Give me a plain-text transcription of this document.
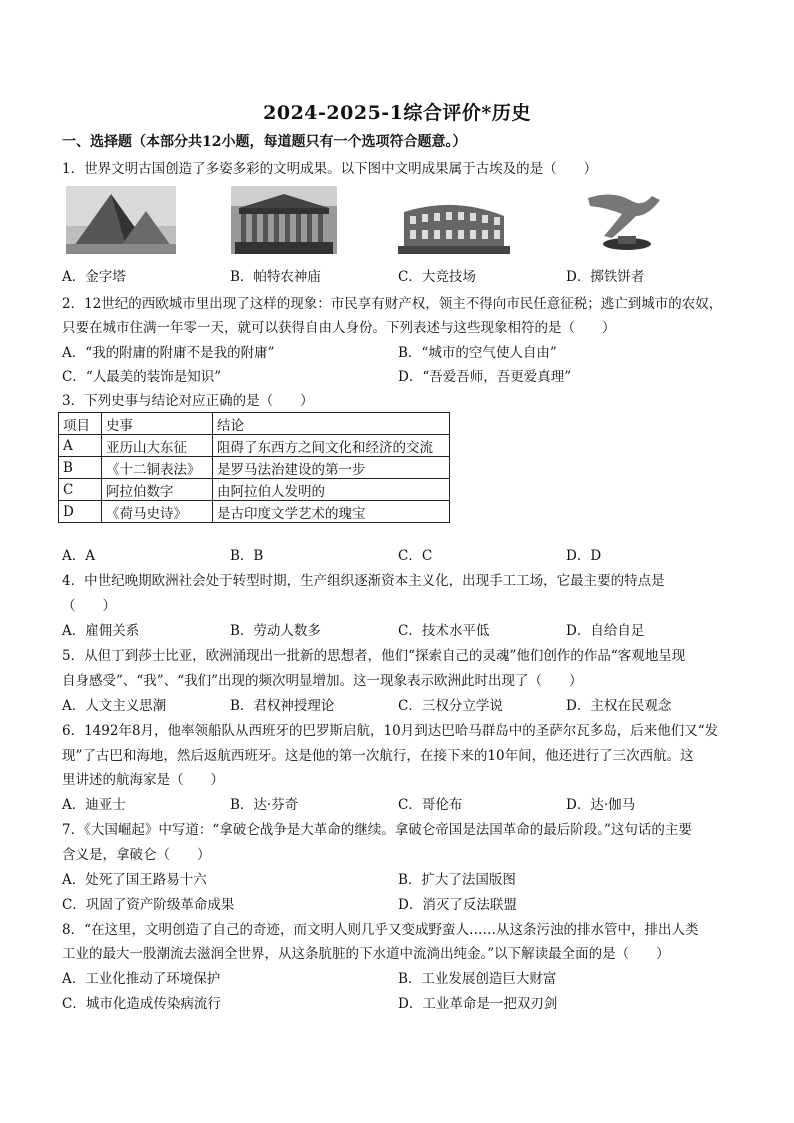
2024-2025-1综合评价*历史
一、选择题（本部分共12小题，每道题只有一个选项符合题意。）
1．世界文明古国创造了多姿多彩的文明成果。以下图中文明成果属于古埃及的是（　　）
A．金字塔	B．帕特农神庙	C．大竞技场	D．掷铁饼者
2．12世纪的西欧城市里出现了这样的现象：市民享有财产权，领主不得向市民任意征税；逃亡到城市的农奴，
只要在城市住满一年零一天，就可以获得自由人身份。下列表述与这些现象相符的是（　　）
A．“我的附庸的附庸不是我的附庸”	B．“城市的空气使人自由”
C．“人最美的装饰是知识”	D．“吾爱吾师，吾更爱真理”
3．下列史事与结论对应正确的是（　　）
项目	史事	结论
A	亚历山大东征	阻碍了东西方之间文化和经济的交流
B	《十二铜表法》	是罗马法治建设的第一步
C	阿拉伯数字	由阿拉伯人发明的
D	《荷马史诗》	是古印度文学艺术的瑰宝
A．A	B．B	C．C	D．D
4．中世纪晚期欧洲社会处于转型时期，生产组织逐渐资本主义化，出现手工工场，它最主要的特点是
（　　）
A．雇佣关系	B．劳动人数多	C．技术水平低	D．自给自足
5．从但丁到莎士比亚，欧洲涌现出一批新的思想者，他们“探索自己的灵魂”他们创作的作品“客观地呈现
自身感受”、“我”、“我们”出现的频次明显增加。这一现象表示欧洲此时出现了（　　）
A．人文主义思潮	B．君权神授理论	C．三权分立学说	D．主权在民观念
6．1492年8月，他率领船队从西班牙的巴罗斯启航，10月到达巴哈马群岛中的圣萨尔瓦多岛，后来他们又“发
现”了古巴和海地，然后返航西班牙。这是他的第一次航行，在接下来的10年间，他还进行了三次西航。这
里讲述的航海家是（　　）
A．迪亚士	B．达·芬奇	C．哥伦布	D．达·伽马
7．《大国崛起》中写道：“拿破仑战争是大革命的继续。拿破仑帝国是法国革命的最后阶段。”这句话的主要
含义是，拿破仑（　　）
A．处死了国王路易十六	B．扩大了法国版图
C．巩固了资产阶级革命成果	D．消灭了反法联盟
8．“在这里，文明创造了自己的奇迹，而文明人则几乎又变成野蛮人……从这条污浊的排水管中，排出人类
工业的最大一股潮流去滋润全世界，从这条肮脏的下水道中流淌出纯金。”以下解读最全面的是（　　）
A．工业化推动了环境保护	B．工业发展创造巨大财富
C．城市化造成传染病流行	D．工业革命是一把双刃剑
